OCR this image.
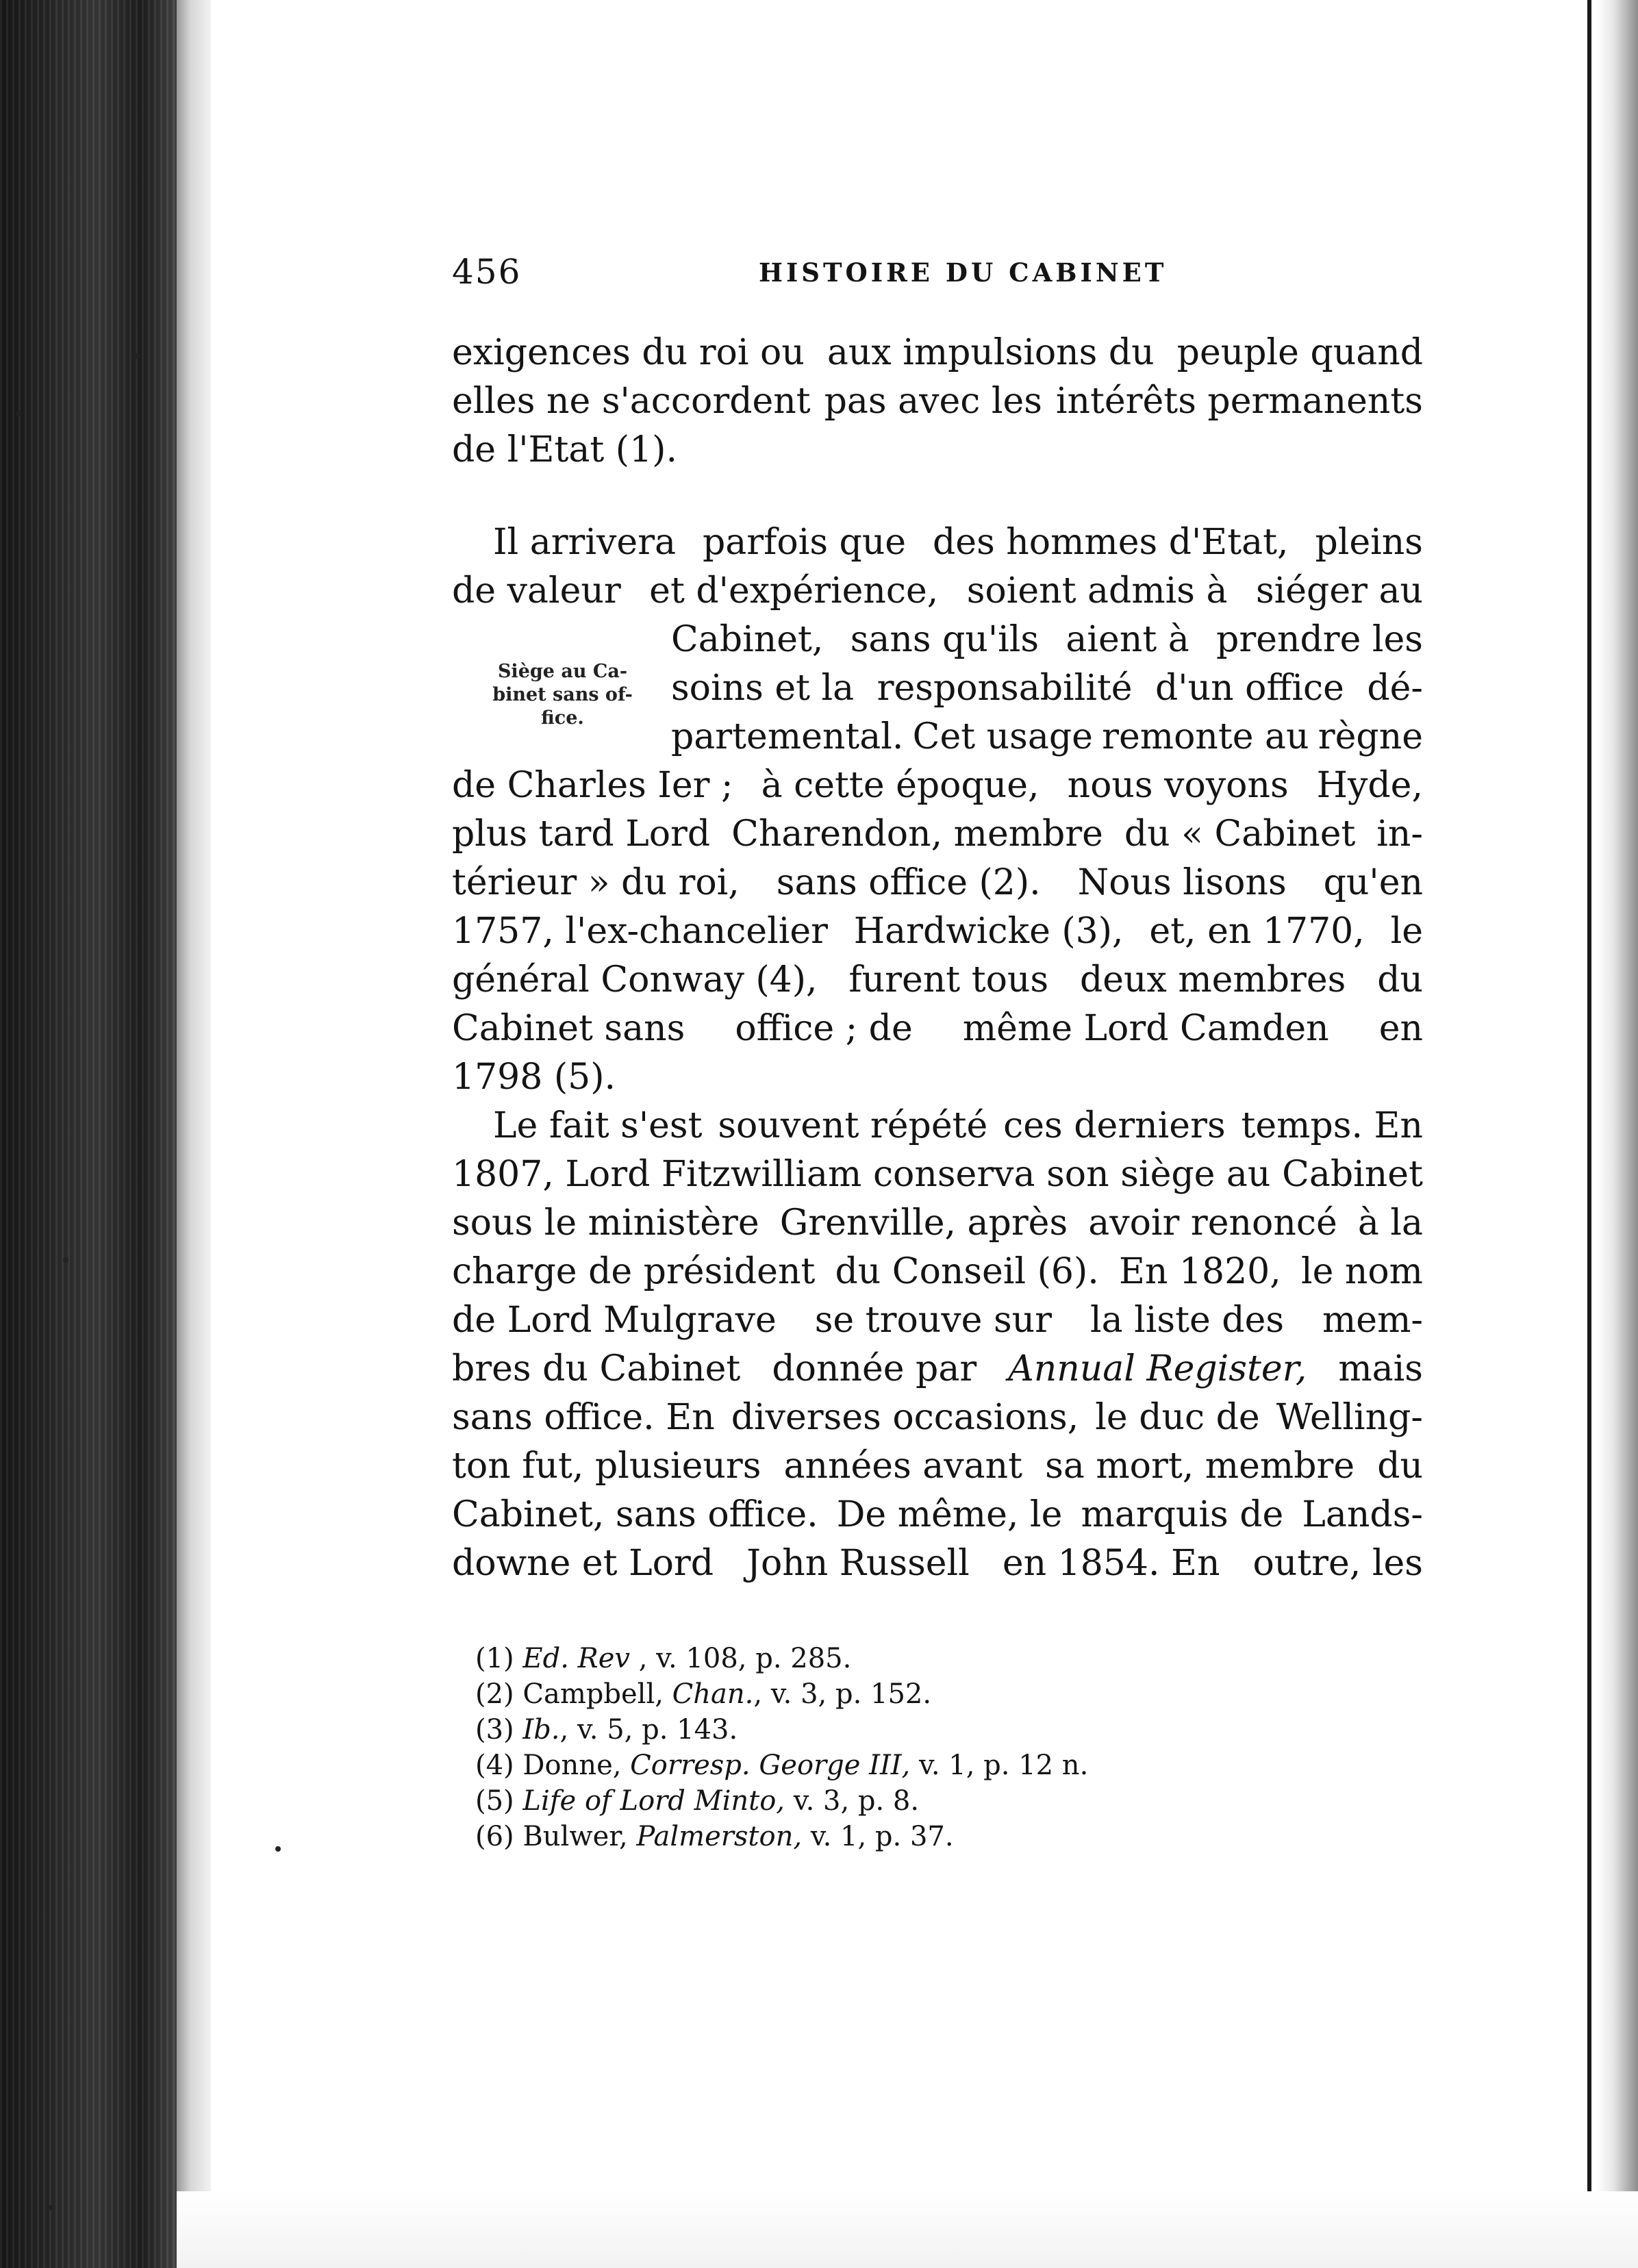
456	HISTOIRE DU CABINET
exigences du roi ou aux impulsions du peuple quand
elles ne s'accordent pas avec les intérêts permanents
de l'Etat (1).
Il arrivera parfois que des hommes d'Etat, pleins
de valeur et d'expérience, soient admis à siéger au
Cabinet, sans qu'ils aient à prendre les
soins et la responsabilité d'un office dé-
partemental. Cet usage remonte au règne
de Charles Ier ; à cette époque, nous voyons Hyde,
plus tard Lord Charendon, membre du « Cabinet in-
térieur » du roi, sans office (2). Nous lisons qu'en
1757, l'ex-chancelier Hardwicke (3), et, en 1770, le
général Conway (4), furent tous deux membres du
Cabinet sans office ; de même Lord Camden en
1798 (5).
Le fait s'est souvent répété ces derniers temps. En
1807, Lord Fitzwilliam conserva son siège au Cabinet
sous le ministère Grenville, après avoir renoncé à la
charge de président du Conseil (6). En 1820, le nom
de Lord Mulgrave se trouve sur la liste des mem-
bres du Cabinet donnée par Annual Register, mais
sans office. En diverses occasions, le duc de Welling-
ton fut, plusieurs années avant sa mort, membre du
Cabinet, sans office. De même, le marquis de Lands-
downe et Lord John Russell en 1854. En outre, les
Siège au Ca-
binet sans of-
fice.
(1) Ed. Rev , v. 108, p. 285.
(2) Campbell, Chan., v. 3, p. 152.
(3) Ib., v. 5, p. 143.
(4) Donne, Corresp. George III, v. 1, p. 12 n.
(5) Life of Lord Minto, v. 3, p. 8.
(6) Bulwer, Palmerston, v. 1, p. 37.
